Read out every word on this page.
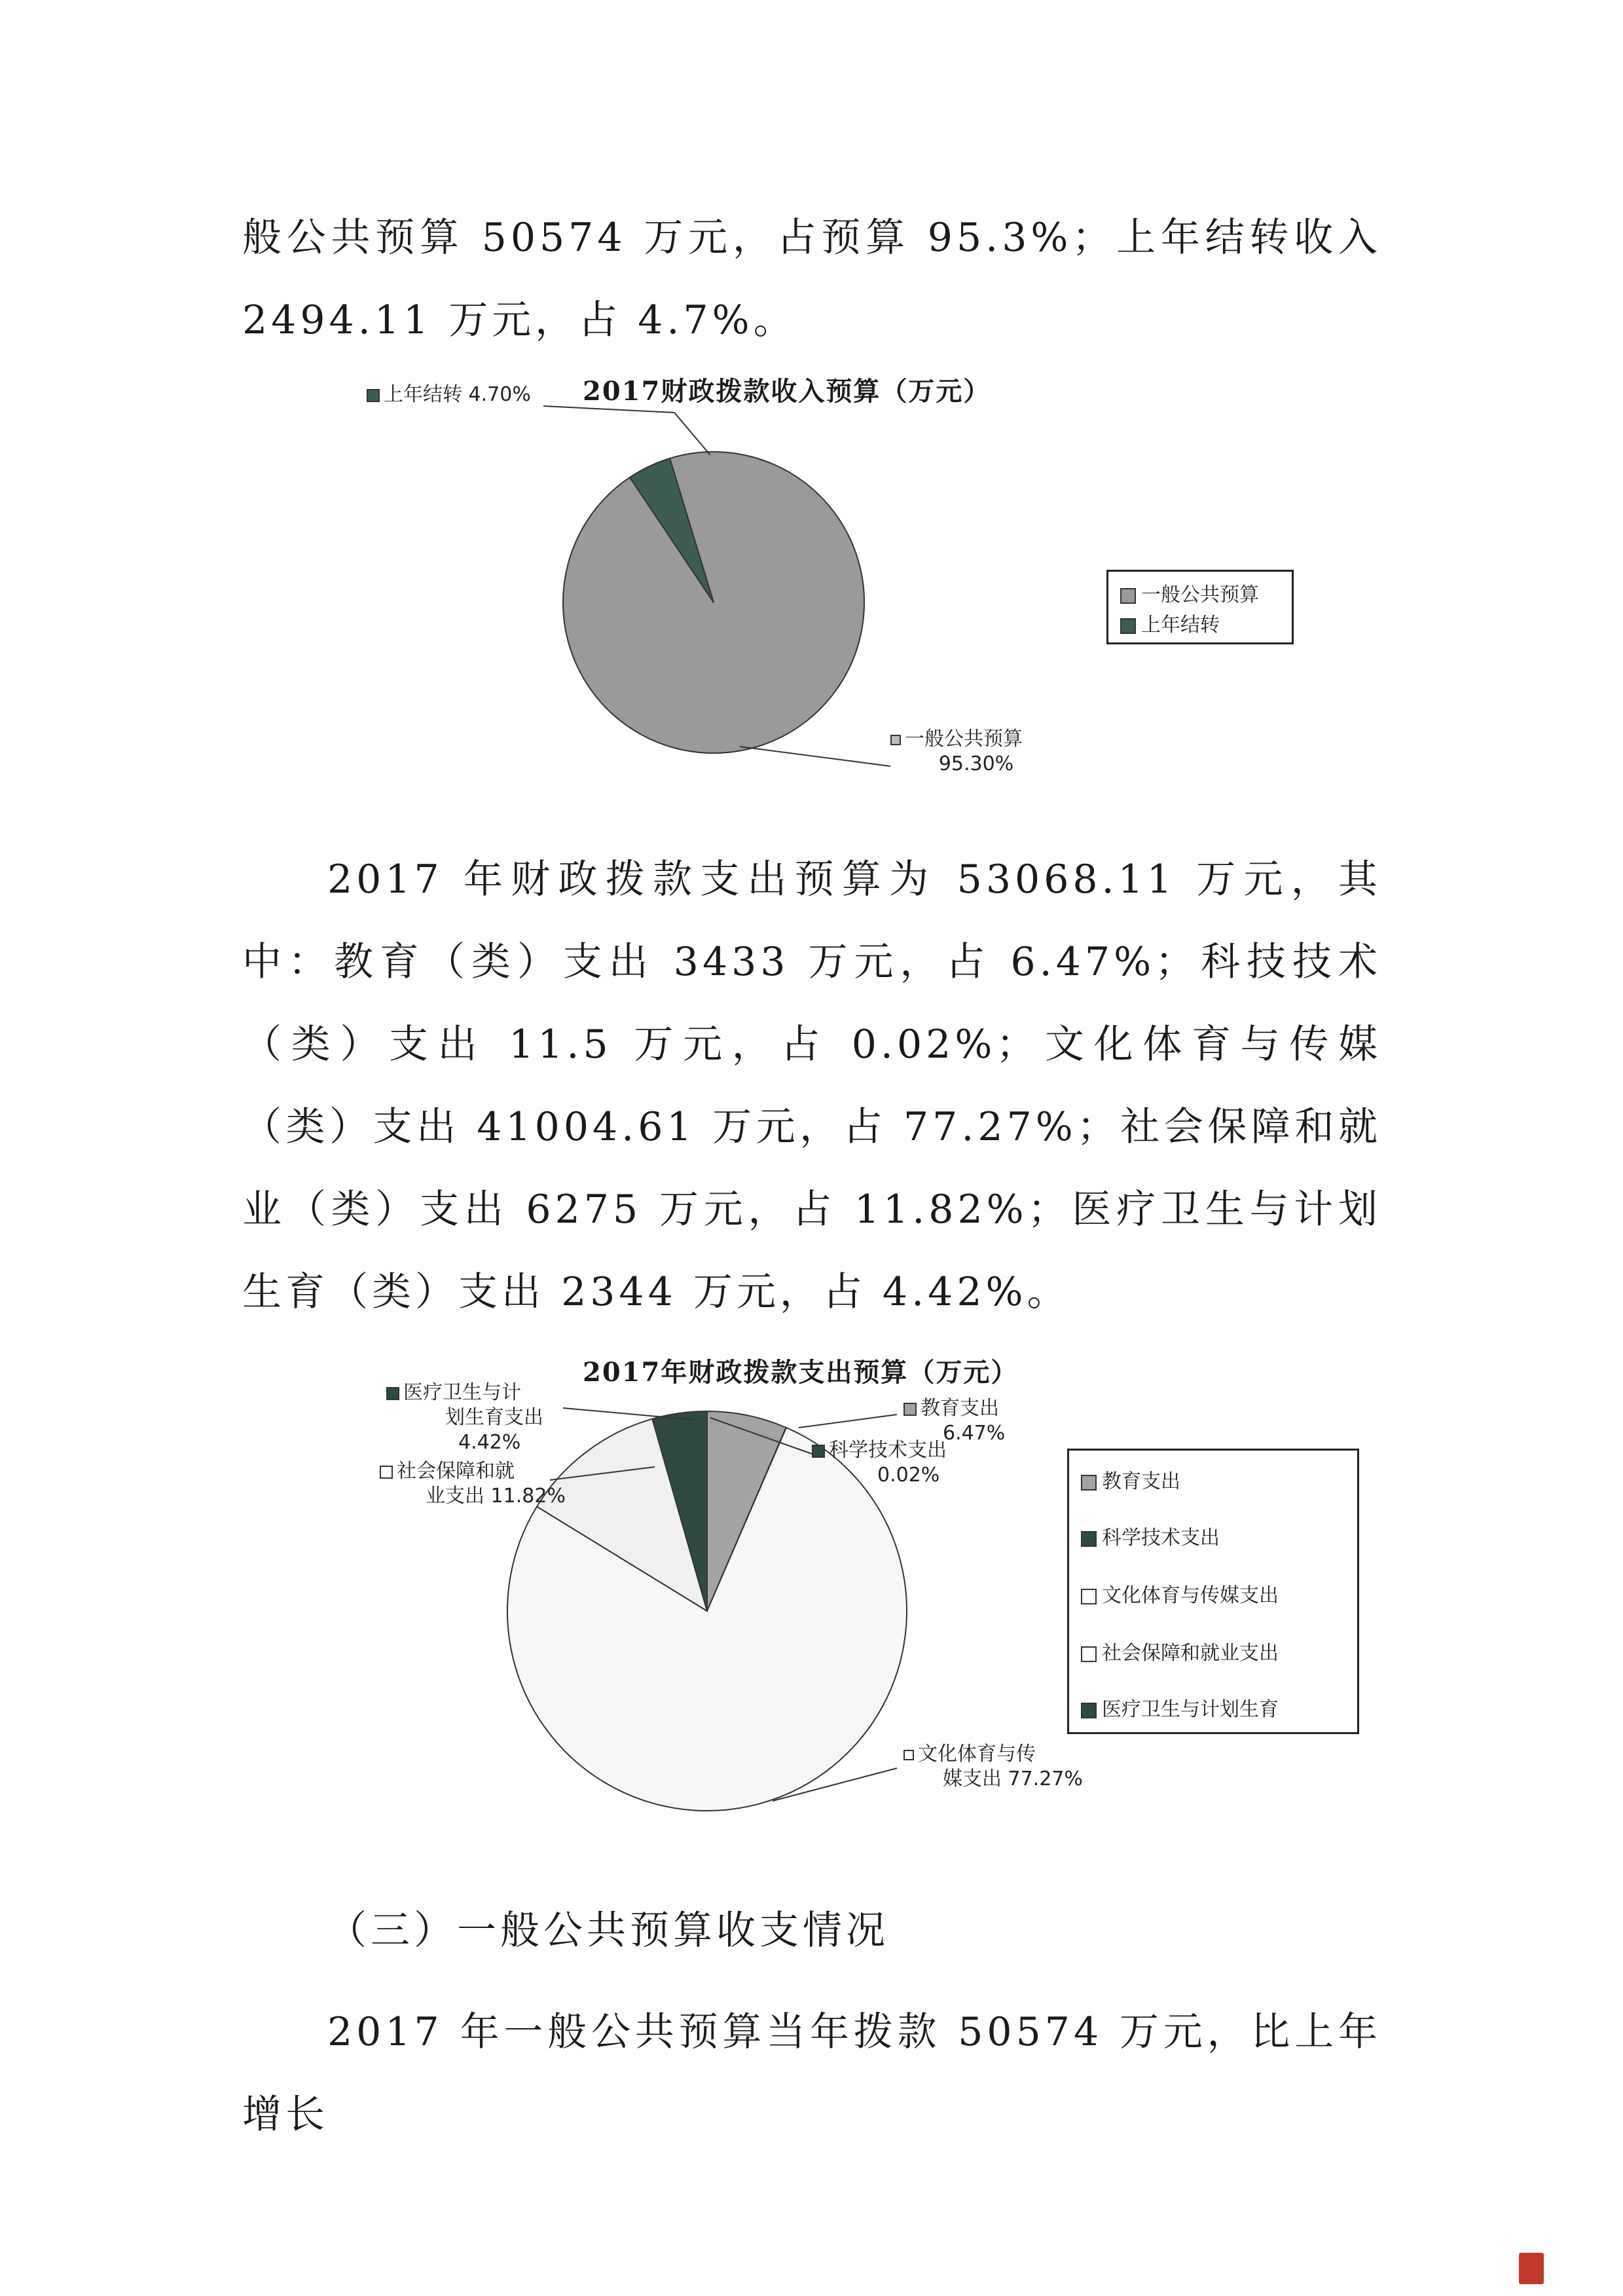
般公共预算 50574 万元，占预算 95.3%；上年结转收入 2494.11 万元，占 4.7%。

2017财政拨款收入预算（万元）
上年结转 4.70%
一般公共预算
95.30%
一般公共预算
上年结转

2017 年财政拨款支出预算为 53068.11 万元，其中：教育（类）支出 3433 万元，占 6.47%；科技技术（类）支出 11.5 万元，占 0.02%；文化体育与传媒（类）支出 41004.61 万元，占 77.27%；社会保障和就业（类）支出 6275 万元，占 11.82%；医疗卫生与计划生育（类）支出 2344 万元，占 4.42%。

2017年财政拨款支出预算（万元）
医疗卫生与计
划生育支出
4.42%
社会保障和就
业支出 11.82%
教育支出
6.47%
科学技术支出
0.02%
文化体育与传
媒支出 77.27%
教育支出
科学技术支出
文化体育与传媒支出
社会保障和就业支出
医疗卫生与计划生育

（三）一般公共预算收支情况

2017 年一般公共预算当年拨款 50574 万元，比上年增长
